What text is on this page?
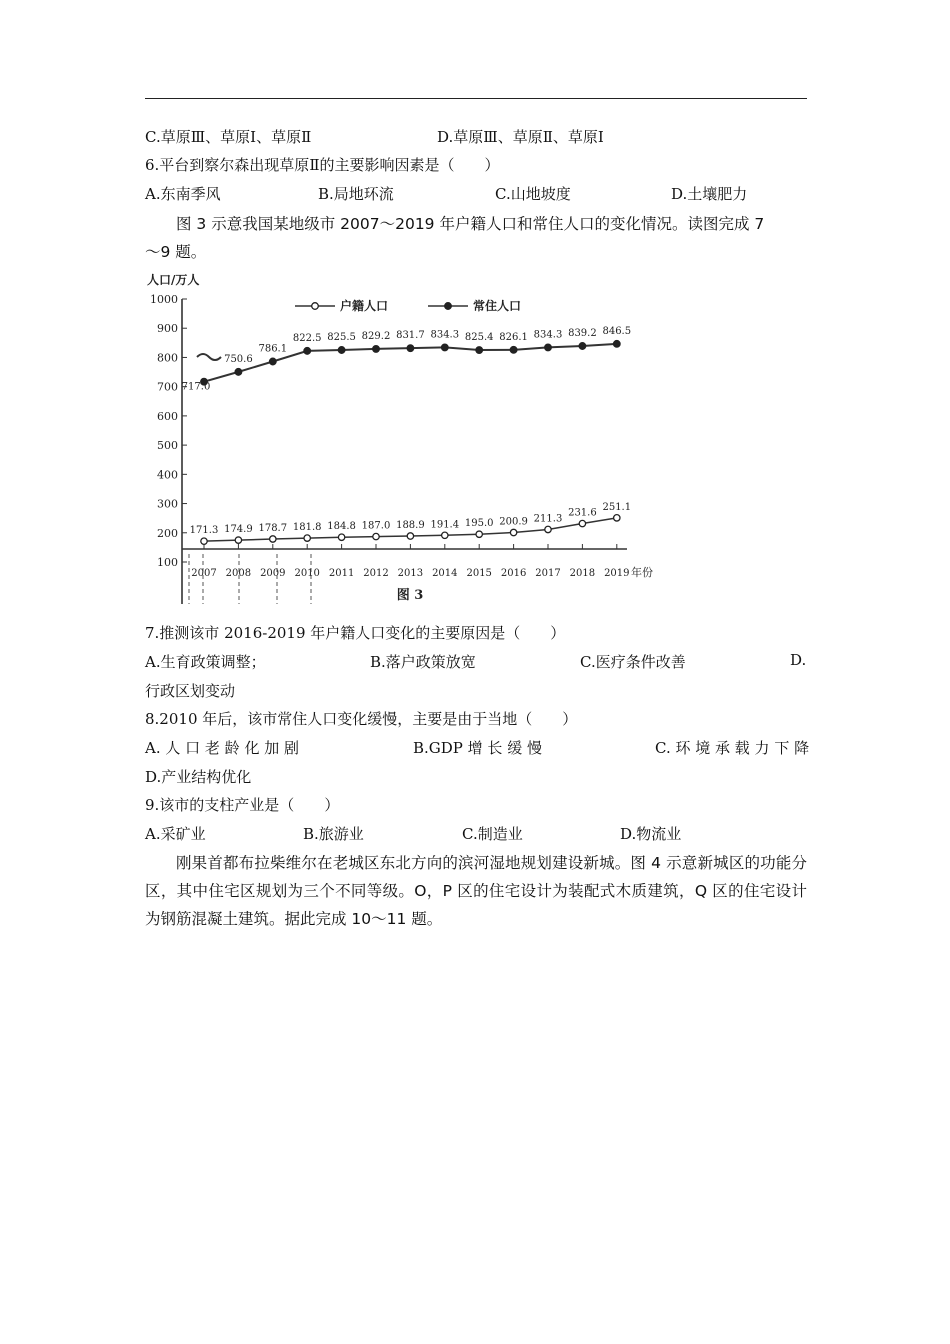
C.草原Ⅲ、草原Ⅰ、草原Ⅱ	D.草原Ⅲ、草原Ⅱ、草原Ⅰ
6.平台到察尔森出现草原Ⅱ的主要影响因素是（　　）
A.东南季风	B.局地环流	C.山地坡度	D.土壤肥力
图 3 示意我国某地级市 2007～2019 年户籍人口和常住人口的变化情况。读图完成 7
～9 题。
人口/万人
100
200
300
400
500
600
700
800
900
1000
2007 2008 2009 2010 2011 2012 2013 2014 2015 2016 2017 2018 2019 年份
户籍人口	常住人口
171.3 174.9 178.7 181.8 184.8 187.0 188.9 191.4 195.0 200.9 211.3
231.6
251.1
717.0
750.6
786.1
822.5 825.5 829.2 831.7 834.3 825.4 826.1 834.3 839.2 846.5
图 3
7.推测该市 2016-2019 年户籍人口变化的主要原因是（　　）
A.生育政策调整；	B.落户政策放宽	C.医疗条件改善	D.
行政区划变动
8.2010 年后，该市常住人口变化缓慢，主要是由于当地（　　）
A. 人 口 老 龄 化 加 剧	B.GDP 增 长 缓 慢	C. 环 境 承 载 力 下 降
D.产业结构优化
9.该市的支柱产业是（　　）
A.采矿业	B.旅游业	C.制造业	D.物流业
刚果首都布拉柴维尔在老城区东北方向的滨河湿地规划建设新城。图 4 示意新城区的功能分区，其中住宅区规划为三个不同等级。O，P 区的住宅设计为装配式木质建筑，Q 区的住宅设计为钢筋混凝土建筑。据此完成 10～11 题。
